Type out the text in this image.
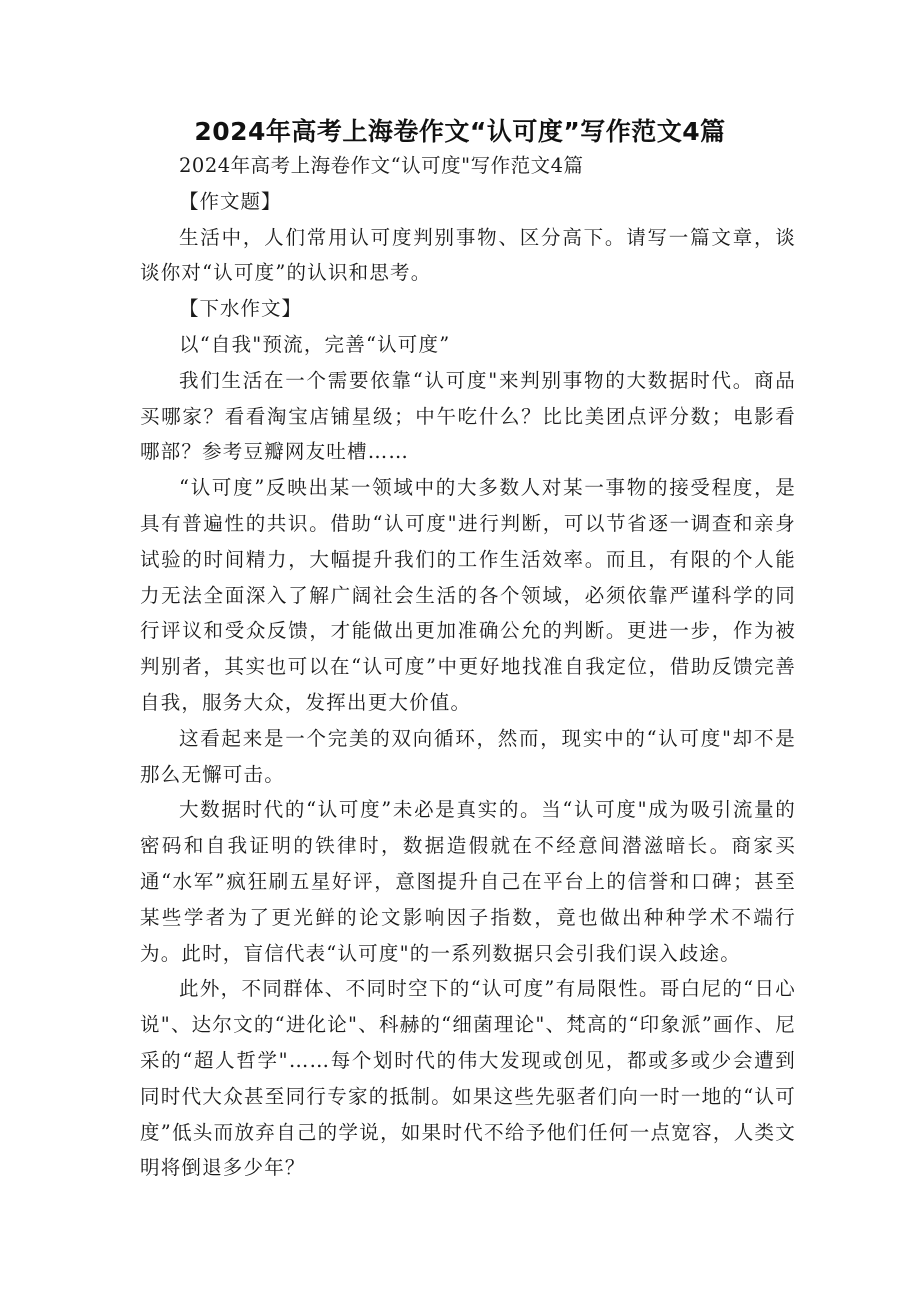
2024年高考上海卷作文“认可度”写作范文4篇

2024年高考上海卷作文“认可度"写作范文4篇

【作文题】

生活中，人们常用认可度判别事物、区分高下。请写一篇文章，谈谈你对“认可度”的认识和思考。

【下水作文】

以“自我"预流，完善“认可度”

我们生活在一个需要依靠“认可度"来判别事物的大数据时代。商品买哪家？看看淘宝店铺星级；中午吃什么？比比美团点评分数；电影看哪部？参考豆瓣网友吐槽……

“认可度”反映出某一领域中的大多数人对某一事物的接受程度，是具有普遍性的共识。借助“认可度"进行判断，可以节省逐一调查和亲身试验的时间精力，大幅提升我们的工作生活效率。而且，有限的个人能力无法全面深入了解广阔社会生活的各个领域，必须依靠严谨科学的同行评议和受众反馈，才能做出更加准确公允的判断。更进一步，作为被判别者，其实也可以在“认可度”中更好地找准自我定位，借助反馈完善自我，服务大众，发挥出更大价值。

这看起来是一个完美的双向循环，然而，现实中的“认可度"却不是那么无懈可击。

大数据时代的“认可度”未必是真实的。当“认可度"成为吸引流量的密码和自我证明的铁律时，数据造假就在不经意间潜滋暗长。商家买通“水军”疯狂刷五星好评，意图提升自己在平台上的信誉和口碑；甚至某些学者为了更光鲜的论文影响因子指数，竟也做出种种学术不端行为。此时，盲信代表“认可度"的一系列数据只会引我们误入歧途。

此外，不同群体、不同时空下的“认可度”有局限性。哥白尼的“日心说"、达尔文的“进化论"、科赫的“细菌理论"、梵高的“印象派”画作、尼采的“超人哲学"……每个划时代的伟大发现或创见，都或多或少会遭到同时代大众甚至同行专家的抵制。如果这些先驱者们向一时一地的“认可度”低头而放弃自己的学说，如果时代不给予他们任何一点宽容，人类文明将倒退多少年？
